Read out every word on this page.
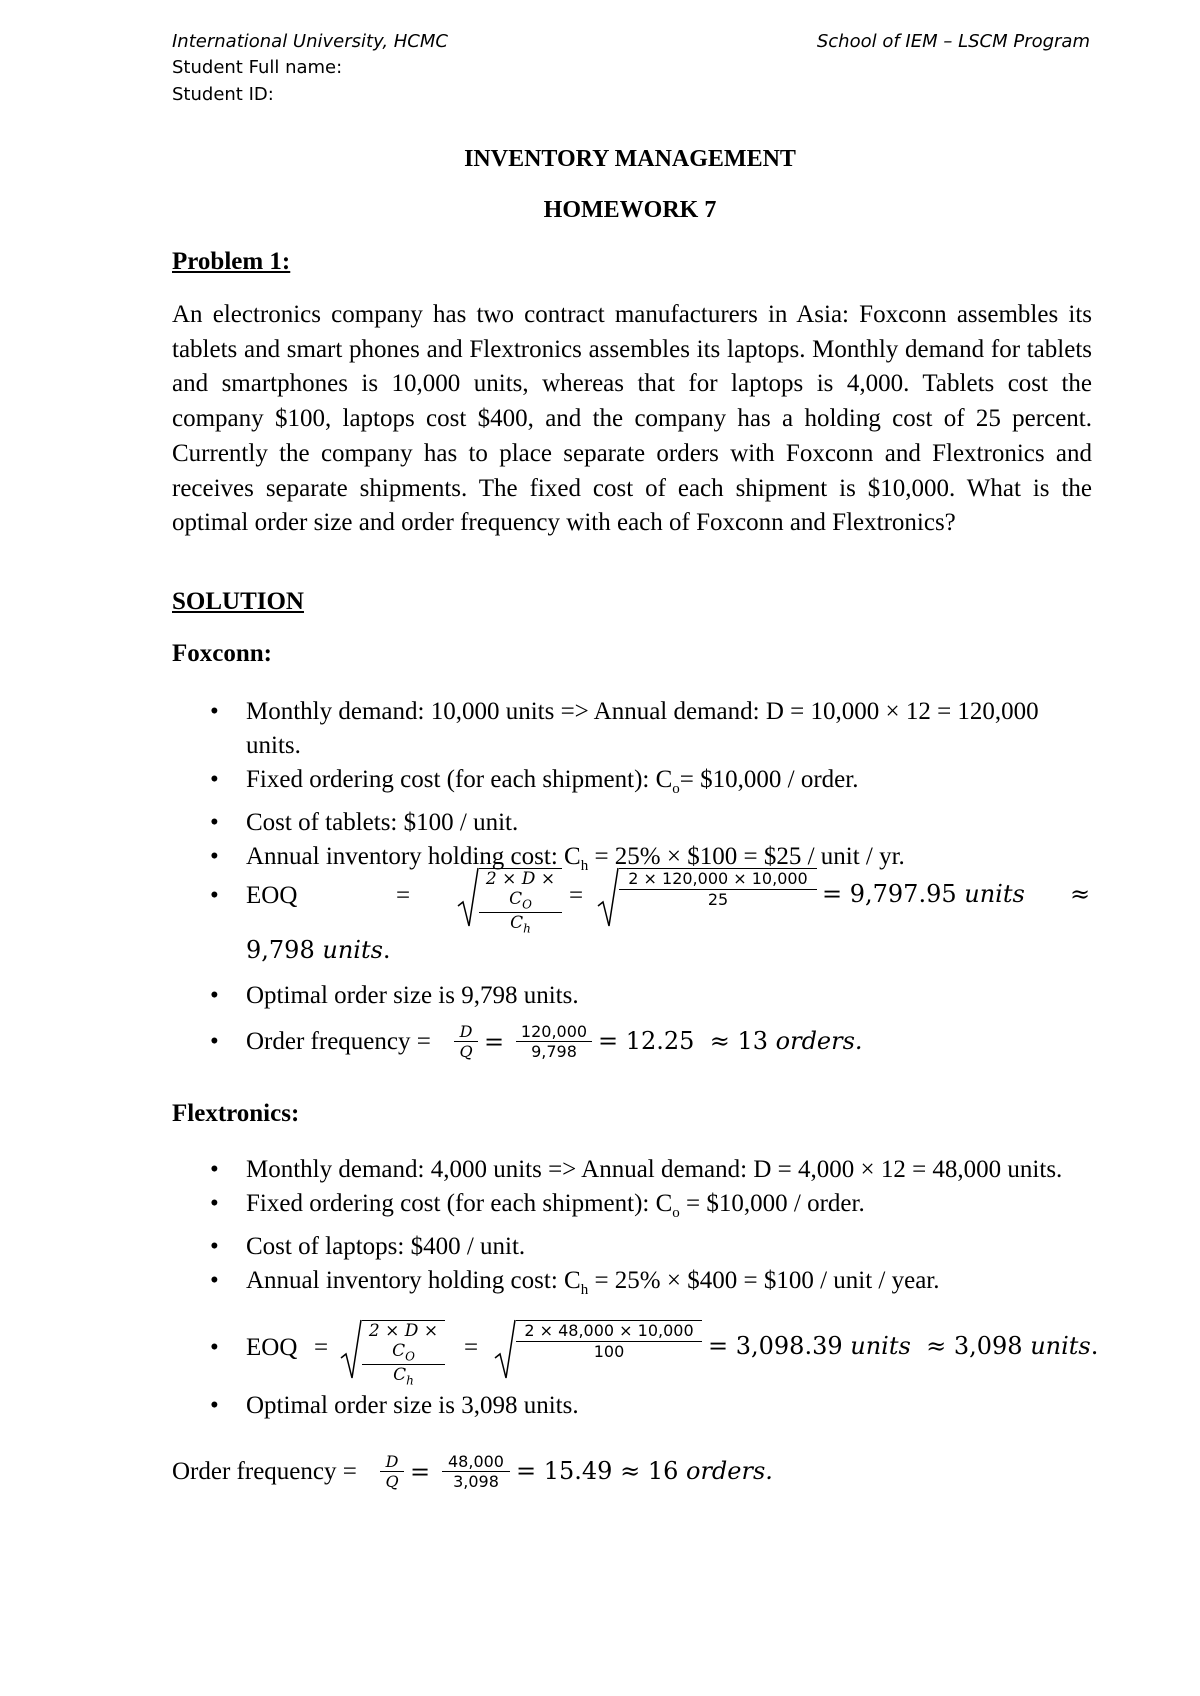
International University, HCMC	School of IEM – LSCM Program
Student Full name:
Student ID:
INVENTORY MANAGEMENT
HOMEWORK 7
Problem 1:
An electronics company has two contract manufacturers in Asia: Foxconn assembles its tablets and smart phones and Flextronics assembles its laptops. Monthly demand for tablets and smartphones is 10,000 units, whereas that for laptops is 4,000. Tablets cost the company $100, laptops cost $400, and the company has a holding cost of 25 percent. Currently the company has to place separate orders with Foxconn and Flextronics and receives separate shipments. The fixed cost of each shipment is $10,000. What is the optimal order size and order frequency with each of Foxconn and Flextronics?
SOLUTION
Foxconn:
• Monthly demand: 10,000 units => Annual demand: D = 10,000 × 12 = 120,000 units.
• Fixed ordering cost (for each shipment): $C_o=$ $10,000 / order.
• Cost of tablets: $100 / unit.
• Annual inventory holding cost: $C_h = 25\%$ × $100 = $25 / unit / yr.
• EOQ	=
$2 \times D \times C_O$
$C_h$
=
2 × 120,000 × 10,000
25	= 9,797.95 units ≈
9,798 units.
• Optimal order size is 9,798 units.
• Order frequency =	D
Q =	120,000
9,798 = 12.25 ≈ 13 orders.
Flextronics:
• Monthly demand: 4,000 units => Annual demand: D = 4,000 × 12 = 48,000 units.
• Fixed ordering cost (for each shipment): $C_o$ = $10,000 / order.
• Cost of laptops: $400 / unit.
• Annual inventory holding cost: $C_h = 25\%$ × $400 = $100 / unit / year.
• EOQ =
$2 \times D \times C_O$
$C_h$
=
2 × 48,000 × 10,000
100	= 3,098.39 units ≈ 3,098 units.
• Optimal order size is 3,098 units.
Order frequency =	D
Q =	48,000
3,098 = 15.49 ≈ 16 orders.
